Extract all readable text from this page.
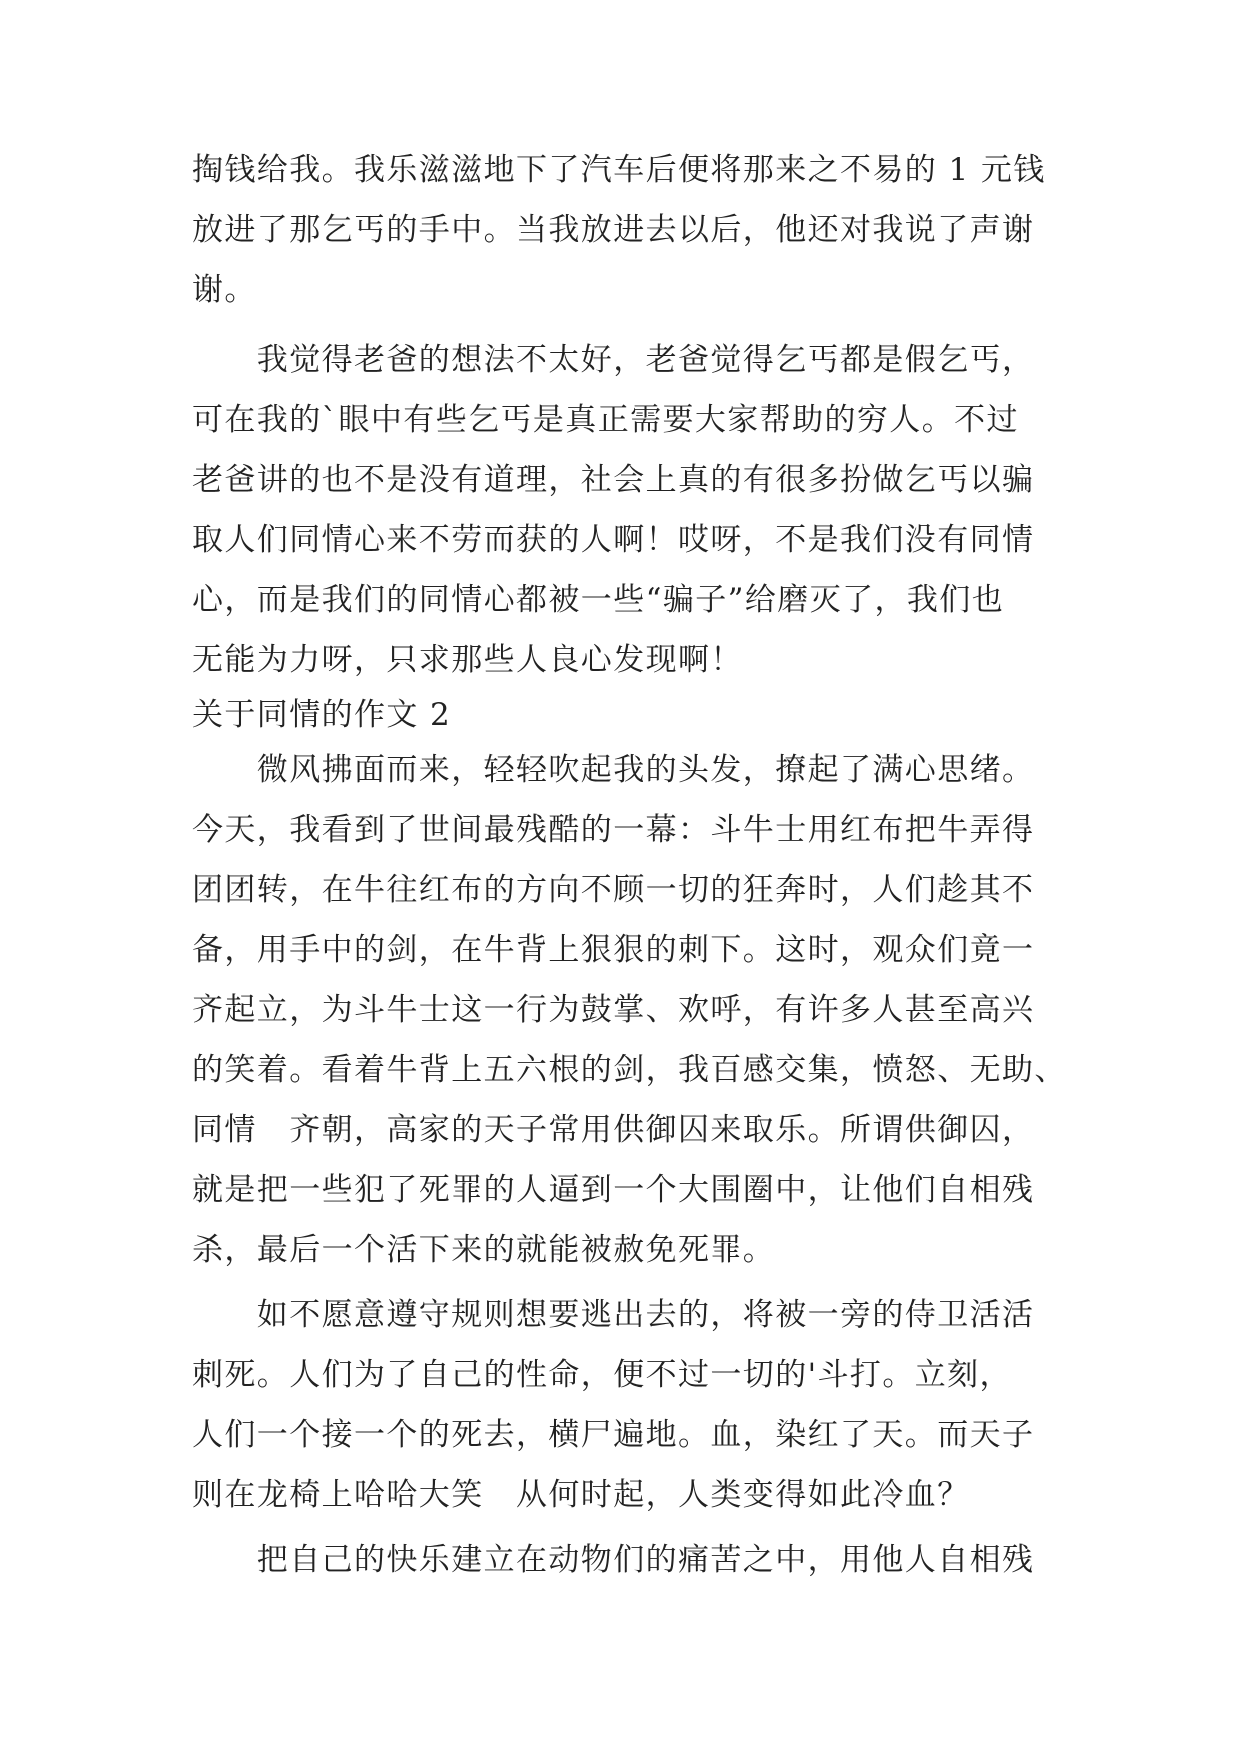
掏钱给我。我乐滋滋地下了汽车后便将那来之不易的 1 元钱
放进了那乞丐的手中。当我放进去以后，他还对我说了声谢
谢。
　　我觉得老爸的想法不太好，老爸觉得乞丐都是假乞丐，
可在我的`眼中有些乞丐是真正需要大家帮助的穷人。不过
老爸讲的也不是没有道理，社会上真的有很多扮做乞丐以骗
取人们同情心来不劳而获的人啊！哎呀，不是我们没有同情
心，而是我们的同情心都被一些“骗子”给磨灭了，我们也
无能为力呀，只求那些人良心发现啊！
关于同情的作文 2
　　微风拂面而来，轻轻吹起我的头发，撩起了满心思绪。
今天，我看到了世间最残酷的一幕：斗牛士用红布把牛弄得
团团转，在牛往红布的方向不顾一切的狂奔时，人们趁其不
备，用手中的剑，在牛背上狠狠的刺下。这时，观众们竟一
齐起立，为斗牛士这一行为鼓掌、欢呼，有许多人甚至高兴
的笑着。看着牛背上五六根的剑，我百感交集，愤怒、无助、
同情　齐朝，高家的天子常用供御囚来取乐。所谓供御囚，
就是把一些犯了死罪的人逼到一个大围圈中，让他们自相残
杀，最后一个活下来的就能被赦免死罪。
　　如不愿意遵守规则想要逃出去的，将被一旁的侍卫活活
刺死。人们为了自己的性命，便不过一切的'斗打。立刻，
人们一个接一个的死去，横尸遍地。血，染红了天。而天子
则在龙椅上哈哈大笑　从何时起，人类变得如此冷血？
　　把自己的快乐建立在动物们的痛苦之中，用他人自相残
